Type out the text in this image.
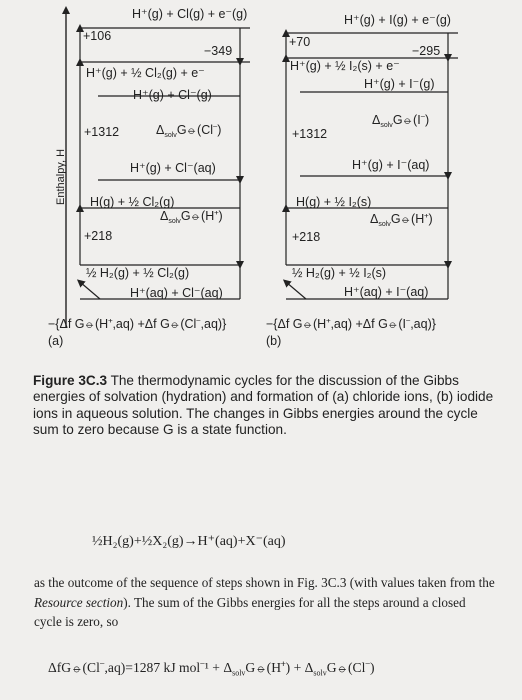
Enthalpy, H
H⁺(g) + Cl(g) + e⁻(g)
+106
−349
H⁺(g) + ½ Cl₂(g) + e⁻
H⁺(g) + Cl⁻(g)
+1312	$\Delta_{solv}G⦵(Cl^-)$
H⁺(g) + Cl⁻(aq)
H(g) + ½ Cl₂(g)
$\Delta_{solv}G⦵(H^+)$
+218
½ H₂(g) + ½ Cl₂(g)
H⁺(aq) + Cl⁻(aq)
−{Δf G⦵(H⁺,aq) +Δf G⦵(Cl⁻,aq)}
(a)
H⁺(g) + I(g) + e⁻(g)
+70
−295
H⁺(g) + ½ I₂(s) + e⁻
H⁺(g) + I⁻(g)
$\Delta_{solv}G⦵(I^-)$
+1312
H⁺(g) + I⁻(aq)
H(g) + ½ I₂(s)
$\Delta_{solv}G⦵(H^+)$
+218
½ H₂(g) + ½ I₂(s)
H⁺(aq) + I⁻(aq)
−{Δf G⦵(H⁺,aq) +Δf G⦵(I⁻,aq)}
(b)
Figure 3C.3 The thermodynamic cycles for the discussion of the Gibbs energies of solvation (hydration) and formation of (a) chloride ions, (b) iodide ions in aqueous solution. The changes in Gibbs energies around the cycle sum to zero because G is a state function.
½H₂(g)+½X₂(g)→H⁺(aq)+X⁻(aq)
as the outcome of the sequence of steps shown in Fig. 3C.3 (with values taken from the Resource section). The sum of the Gibbs energies for all the steps around a closed cycle is zero, so
ΔfG⦵(Cl⁻,aq)=1287 kJ $mol^{-1} + \Delta_{solv}G⦵(H^+)$ + $\Delta_{solv}G⦵(Cl^-)$
